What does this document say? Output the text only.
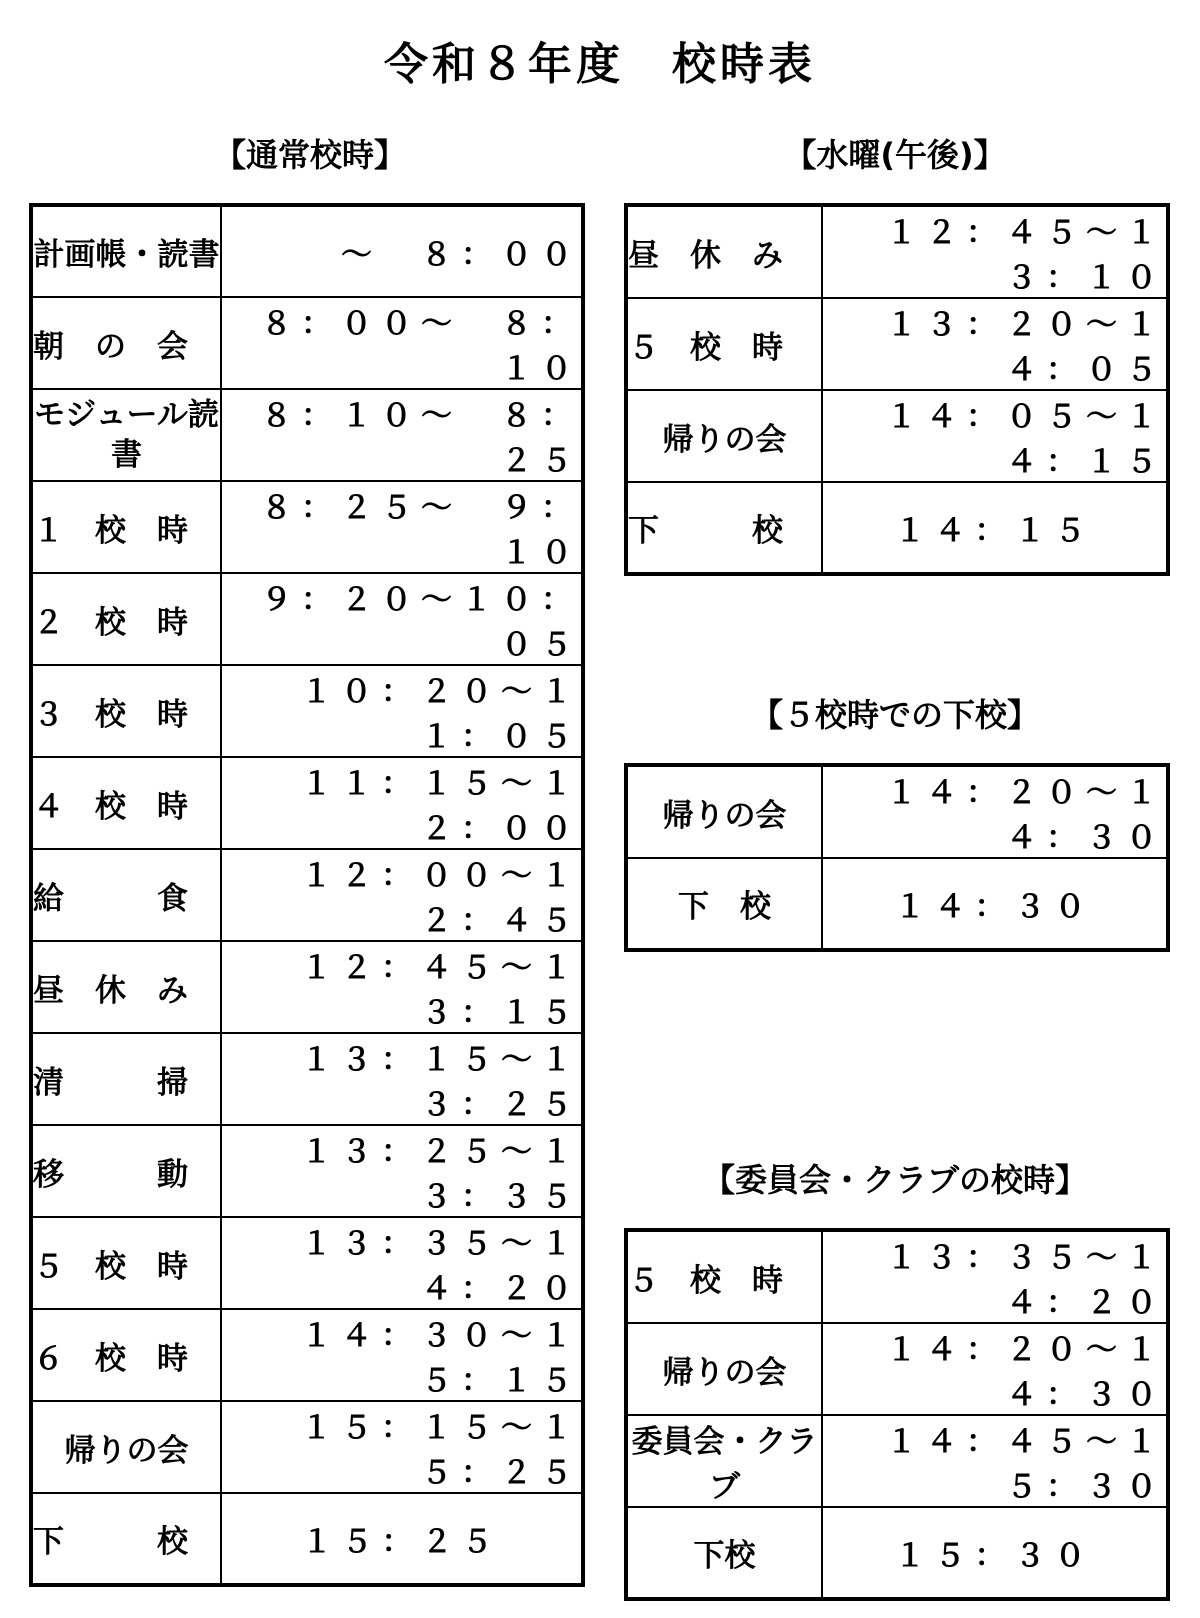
令和８年度　校時表
【通常校時】
計画帳・読書	～　８：００
朝　の　会	８：００～　８：１０
モジュール読書	８：１０～　８：２５
１　校　時	８：２５～　９：１０
２　校　時	９：２０～１０：０５
３　校　時	１０：２０～１１：０５
４　校　時	１１：１５～１２：００
給　　　食	１２：００～１２：４５
昼　休　み	１２：４５～１３：１５
清　　　掃	１３：１５～１３：２５
移　　　動	１３：２５～１３：３５
５　校　時	１３：３５～１４：２０
６　校　時	１４：３０～１５：１５
帰りの会	１５：１５～１５：２５
下　　　校	１５：２５
【水曜(午後)】
昼　休　み	１２：４５～１３：１０
５　校　時	１３：２０～１４：０５
帰りの会	１４：０５～１４：１５
下　　　校	１４：１５
【５校時での下校】
帰りの会	１４：２０～１４：３０
下　校	１４：３０
【委員会・クラブの校時】
５　校　時	１３：３５～１４：２０
帰りの会	１４：２０～１４：３０
委員会・クラブ	１４：４５～１５：３０
下校	１５：３０
